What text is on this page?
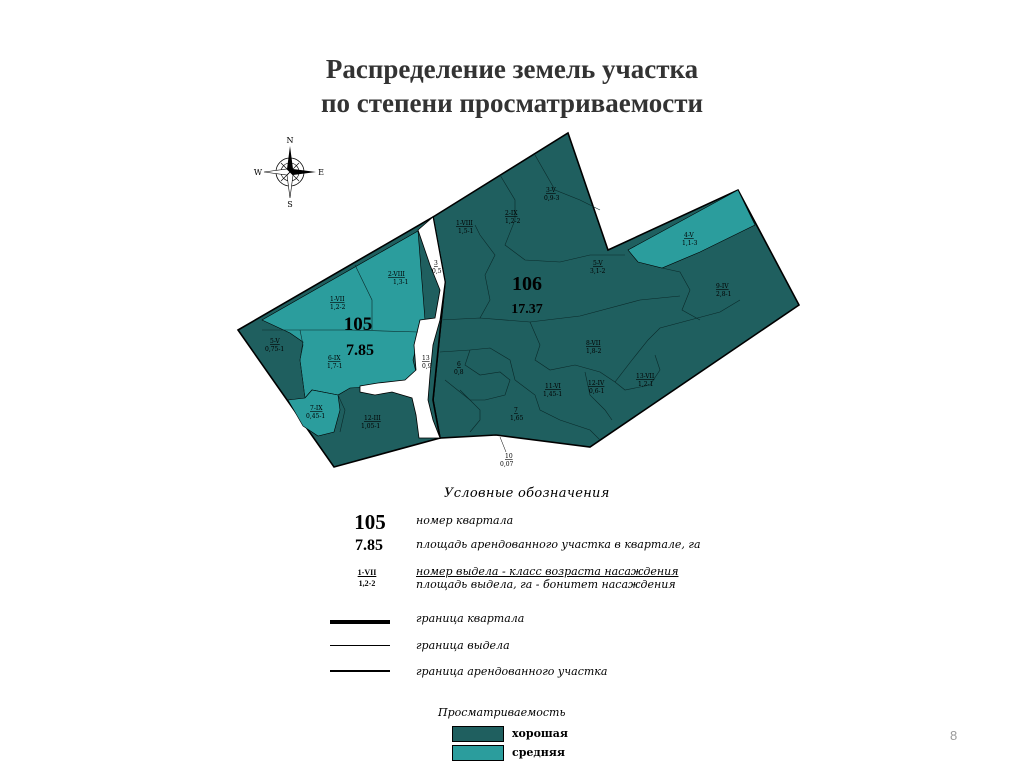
Распределение земель участка
по степени просматриваемости
N
S
W	E
5-V
0,75-1
1-VII
1,2-2
2-VIII
1,3-1
3
0,5
6-IX
1,7-1
7-IX
0,45-1	12-III
1,05-1
13
0,9
1-VIII
1,5-1
2-IX
1,2-2
3-V
0,9-3
4-V
1,1-3
5-V
3,1-2
9-IV
2,8-1
6
0,8
8-VII
1,8-2
11-VI
1,45-1
12-IV
0,6-1
13-VII
1,2-1
7
1,65
10
0,07
105
7.85
106
17.37
Условные обозначения
105	номер квартала
7.85	площадь арендованного участка в квартале, га
1-VII
1,2-2
номер выдела - класс возраста насаждения
площадь выдела, га - бонитет насаждения
граница квартала
граница выдела
граница арендованного участка
Просматриваемость
хорошая
средняя
8
